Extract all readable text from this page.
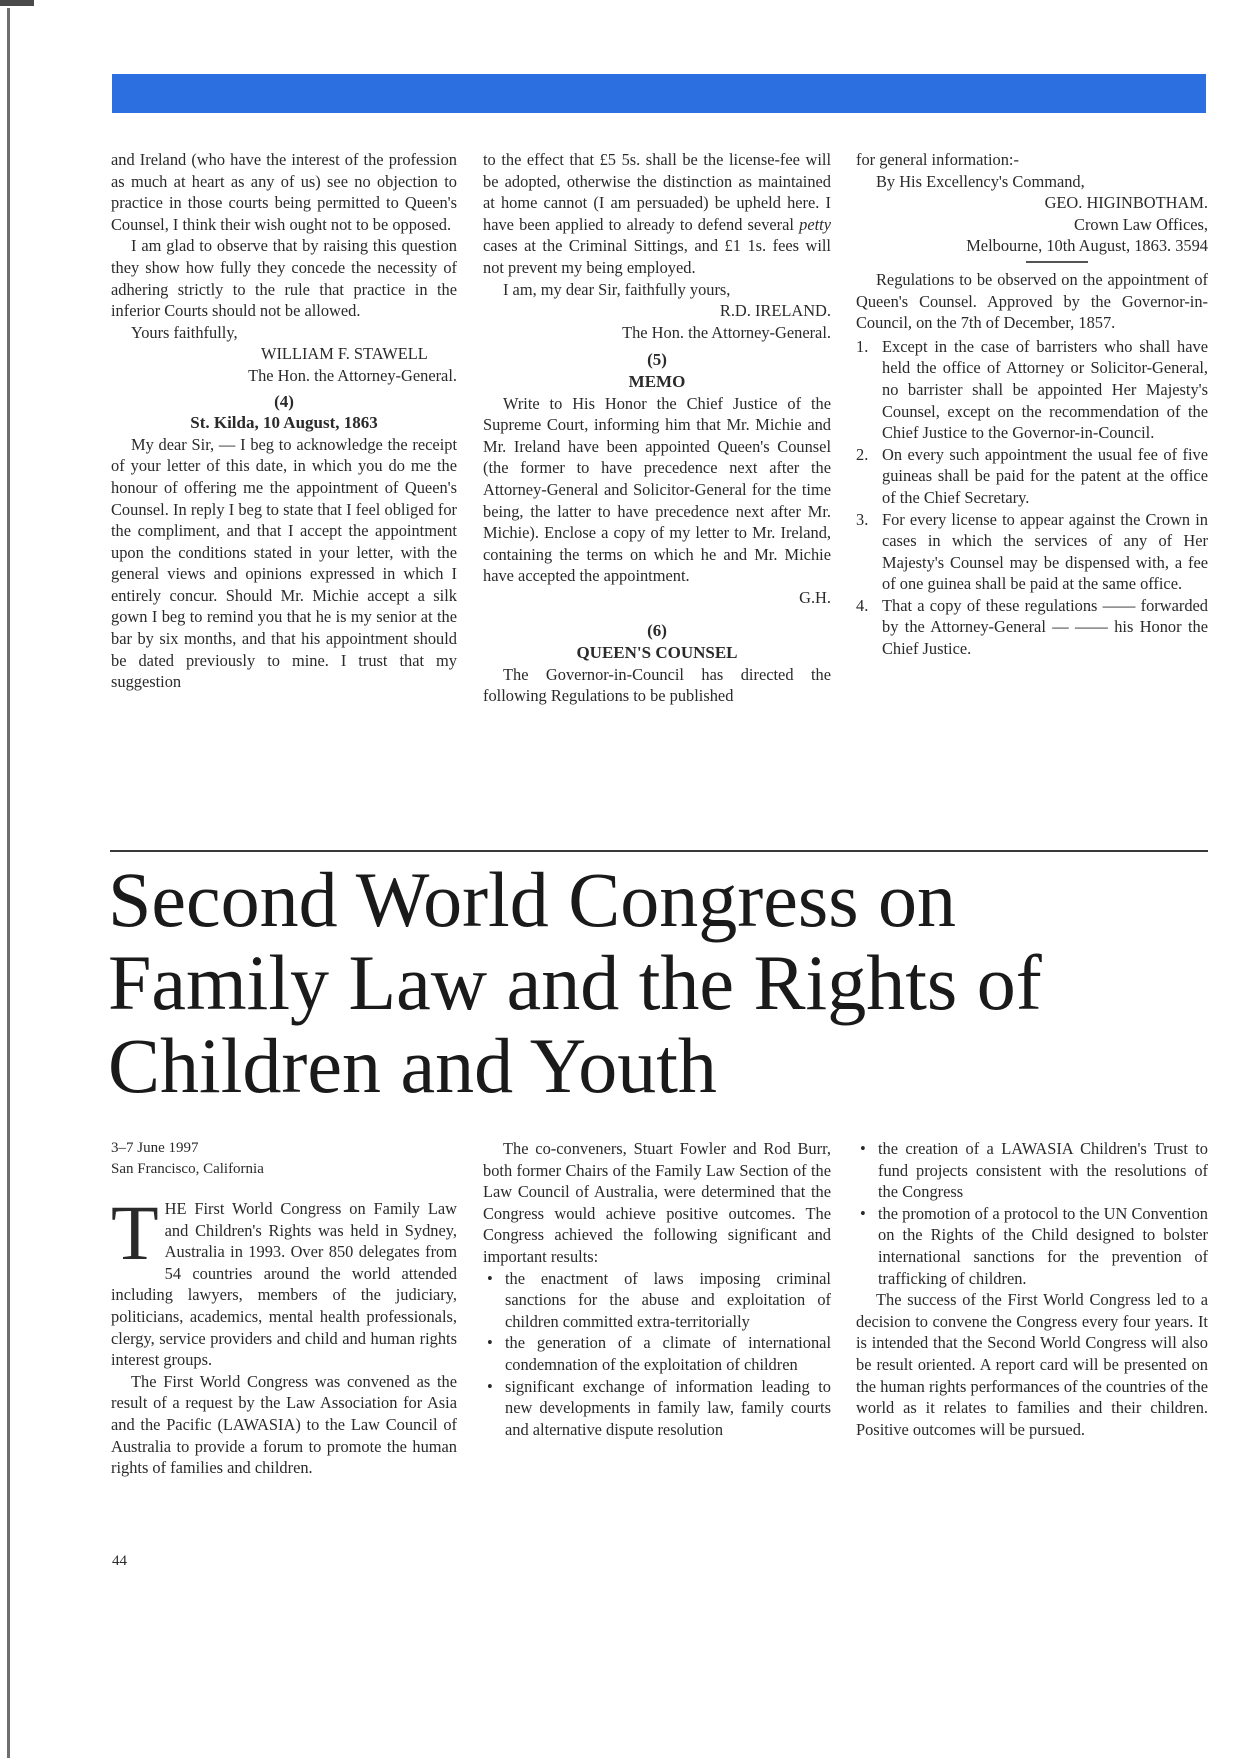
and Ireland (who have the interest of the profession as much at heart as any of us) see no objection to practice in those courts being permitted to Queen's Counsel, I think their wish ought not to be opposed.

I am glad to observe that by raising this question they show how fully they concede the necessity of adhering strictly to the rule that practice in the inferior Courts should not be allowed.

Yours faithfully,

WILLIAM F. STAWELL

The Hon. the Attorney-General.

(4)

St. Kilda, 10 August, 1863

My dear Sir, — I beg to acknowledge the receipt of your letter of this date, in which you do me the honour of offering me the appointment of Queen's Counsel. In reply I beg to state that I feel obliged for the compliment, and that I accept the appointment upon the conditions stated in your letter, with the general views and opinions expressed in which I entirely concur. Should Mr. Michie accept a silk gown I beg to remind you that he is my senior at the bar by six months, and that his appointment should be dated previously to mine. I trust that my suggestion

to the effect that £5 5s. shall be the license-fee will be adopted, otherwise the distinction as maintained at home cannot (I am persuaded) be upheld here. I have been applied to already to defend several petty cases at the Criminal Sittings, and £1 1s. fees will not prevent my being employed.

I am, my dear Sir, faithfully yours,

R.D. IRELAND.

The Hon. the Attorney-General.

(5)

MEMO

Write to His Honor the Chief Justice of the Supreme Court, informing him that Mr. Michie and Mr. Ireland have been appointed Queen's Counsel (the former to have precedence next after the Attorney-General and Solicitor-General for the time being, the latter to have precedence next after Mr. Michie). Enclose a copy of my letter to Mr. Ireland, containing the terms on which he and Mr. Michie have accepted the appointment.

G.H.

(6)

QUEEN'S COUNSEL

The Governor-in-Council has directed the following Regulations to be published

for general information:-

By His Excellency's Command,

GEO. HIGINBOTHAM.

Crown Law Offices,

Melbourne, 10th August, 1863. 3594

Regulations to be observed on the appointment of Queen's Counsel. Approved by the Governor-in-Council, on the 7th of December, 1857.

1. Except in the case of barristers who shall have held the office of Attorney or Solicitor-General, no barrister shall be appointed Her Majesty's Counsel, except on the recommendation of the Chief Justice to the Governor-in-Council.
2. On every such appointment the usual fee of five guineas shall be paid for the patent at the office of the Chief Secretary.
3. For every license to appear against the Crown in cases in which the services of any of Her Majesty's Counsel may be dispensed with, a fee of one guinea shall be paid at the same office.
4. That a copy of these regulations —— forwarded by the Attorney-General — —— his Honor the Chief Justice.
Second World Congress on Family Law and the Rights of Children and Youth

3–7 June 1997

San Francisco, California

THE First World Congress on Family Law and Children's Rights was held in Sydney, Australia in 1993. Over 850 delegates from 54 countries around the world attended including lawyers, members of the judiciary, politicians, academics, mental health professionals, clergy, service providers and child and human rights interest groups.

The First World Congress was convened as the result of a request by the Law Association for Asia and the Pacific (LAWASIA) to the Law Council of Australia to provide a forum to promote the human rights of families and children.

The co-conveners, Stuart Fowler and Rod Burr, both former Chairs of the Family Law Section of the Law Council of Australia, were determined that the Congress would achieve positive outcomes. The Congress achieved the following significant and important results:

• the enactment of laws imposing criminal sanctions for the abuse and exploitation of children committed extra-territorially
• the generation of a climate of international condemnation of the exploitation of children
• significant exchange of information leading to new developments in family law, family courts and alternative dispute resolution
• the creation of a LAWASIA Children's Trust to fund projects consistent with the resolutions of the Congress
• the promotion of a protocol to the UN Convention on the Rights of the Child designed to bolster international sanctions for the prevention of trafficking of children.

The success of the First World Congress led to a decision to convene the Congress every four years. It is intended that the Second World Congress will also be result oriented. A report card will be presented on the human rights performances of the countries of the world as it relates to families and their children. Positive outcomes will be pursued.

44
